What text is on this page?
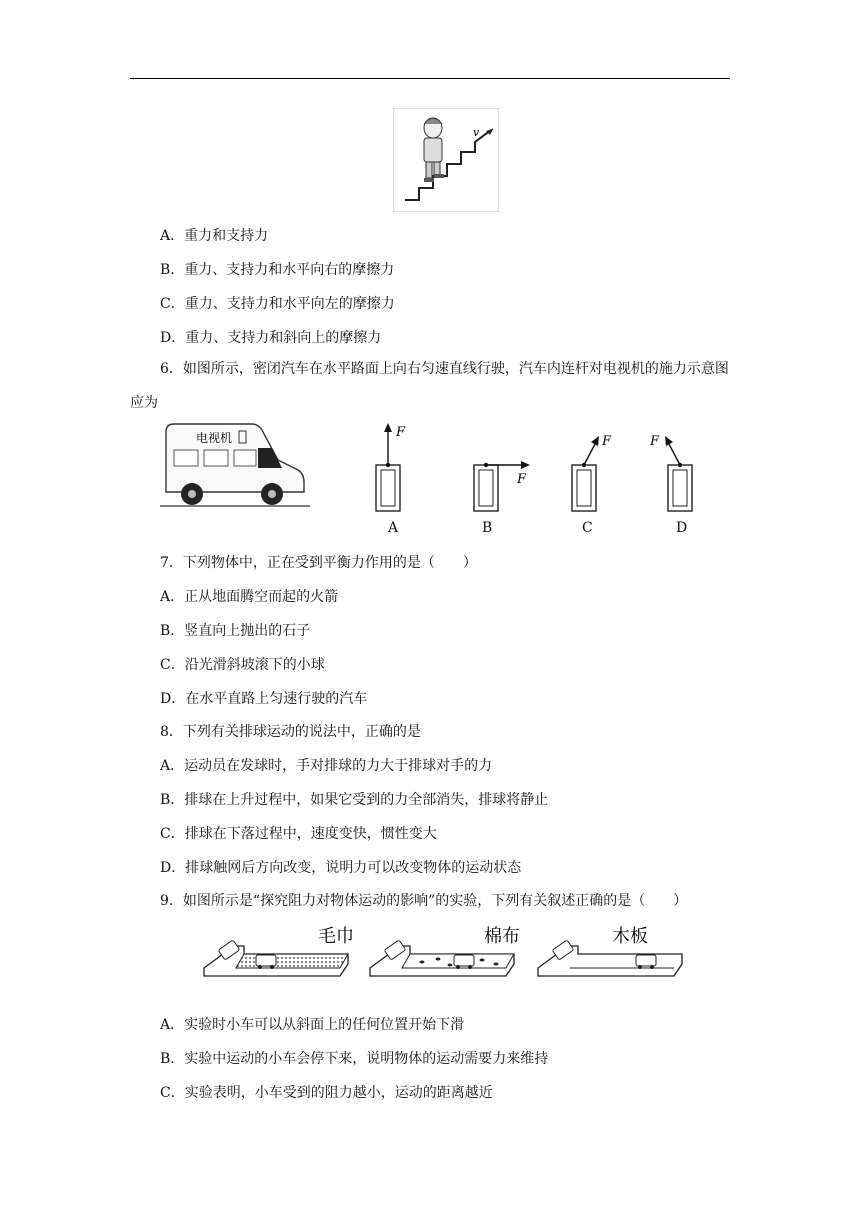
v
A．重力和支持力
B．重力、支持力和水平向右的摩擦力
C．重力、支持力和水平向左的摩擦力
D．重力、支持力和斜向上的摩擦力
6．如图所示，密闭汽车在水平路面上向右匀速直线行驶，汽车内连杆对电视机的施力示意图应为
电视机	F
F
F	F
A	B	C	D
7．下列物体中，正在受到平衡力作用的是（　　）
A．正从地面腾空而起的火箭
B．竖直向上抛出的石子
C．沿光滑斜坡滚下的小球
D．在水平直路上匀速行驶的汽车
8．下列有关排球运动的说法中，正确的是
A．运动员在发球时，手对排球的力大于排球对手的力
B．排球在上升过程中，如果它受到的力全部消失，排球将静止
C．排球在下落过程中，速度变快，惯性变大
D．排球触网后方向改变，说明力可以改变物体的运动状态
9．如图所示是“探究阻力对物体运动的影响”的实验，下列有关叙述正确的是（　　）
毛巾	棉布	木板
A．实验时小车可以从斜面上的任何位置开始下滑
B．实验中运动的小车会停下来，说明物体的运动需要力来维持
C．实验表明，小车受到的阻力越小，运动的距离越近
